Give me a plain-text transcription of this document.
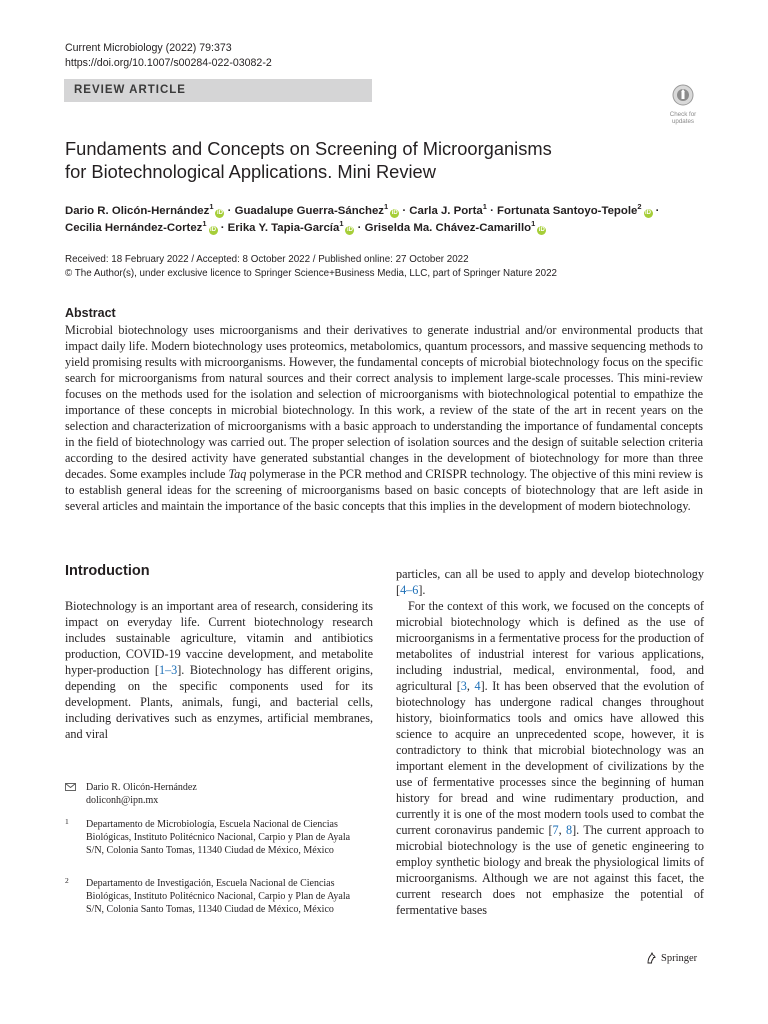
Current Microbiology (2022) 79:373
https://doi.org/10.1007/s00284-022-03082-2
REVIEW ARTICLE
Check for
updates
Fundaments and Concepts on Screening of Microorganisms
for Biotechnological Applications. Mini Review
Dario R. Olicón-Hernández$^1$iD · Guadalupe Guerra-Sánchez$^1$iD · Carla J. Porta$^1$ · Fortunata Santoyo-Tepole$^2$iD ·
Cecilia Hernández-Cortez$^1$iD · Erika Y. Tapia-García$^1$iD · Griselda Ma. Chávez-Camarillo$^1$iD
Received: 18 February 2022 / Accepted: 8 October 2022 / Published online: 27 October 2022
© The Author(s), under exclusive licence to Springer Science+Business Media, LLC, part of Springer Nature 2022
Abstract

Microbial biotechnology uses microorganisms and their derivatives to generate industrial and/or environmental products that impact daily life. Modern biotechnology uses proteomics, metabolomics, quantum processors, and massive sequencing methods to yield promising results with microorganisms. However, the fundamental concepts of microbial biotechnology focus on the specific search for microorganisms from natural sources and their correct analysis to implement large-scale processes. This mini-review focuses on the methods used for the isolation and selection of microorganisms with biotechnological potential to empathize the importance of these concepts in microbial biotechnology. In this work, a review of the state of the art in recent years on the selection and characterization of microorganisms with a basic approach to understanding the importance of fundamental concepts in the field of biotechnology was carried out. The proper selection of isolation sources and the design of suitable selection criteria according to the desired activity have generated substantial changes in the development of biotechnology for more than three decades. Some examples include Taq polymerase in the PCR method and CRISPR technology. The objective of this mini review is to establish general ideas for the screening of microorganisms based on basic concepts of biotechnology that are left aside in several articles and maintain the importance of the basic concepts that this implies in the development of modern biotechnology.

Introduction

Biotechnology is an important area of research, considering its impact on everyday life. Current biotechnology research includes sustainable agriculture, vitamin and antibiotics production, COVID-19 vaccine development, and metabolite hyper-production [1–3]. Biotechnology has different origins, depending on the specific components used for its development. Plants, animals, fungi, and bacterial cells, including derivatives such as enzymes, artificial membranes, and viral

particles, can all be used to apply and develop biotechnology [4–6].

For the context of this work, we focused on the concepts of microbial biotechnology which is defined as the use of microorganisms in a fermentative process for the production of metabolites of industrial interest for various applications, including industrial, medical, environmental, food, and agricultural [3, 4]. It has been observed that the evolution of biotechnology has undergone radical changes throughout history, bioinformatics tools and omics have allowed this science to acquire an unprecedented scope, however, it is contradictory to think that microbial biotechnology was an important element in the development of civilizations by the use of fermentative processes since the beginning of human history for bread and wine rudimentary production, and currently it is one of the most modern tools used to combat the current coronavirus pandemic [7, 8]. The current approach to microbial biotechnology is the use of genetic engineering to employ synthetic biology and break the physiological limits of microorganisms. Although we are not against this facet, the current research does not emphasize the potential of fermentative bases

Dario R. Olicón-Hernández
doliconh@ipn.mx
1 Departamento de Microbiología, Escuela Nacional de Ciencias Biológicas, Instituto Politécnico Nacional, Carpio y Plan de Ayala S/N, Colonia Santo Tomas, 11340 Ciudad de México, México
2 Departamento de Investigación, Escuela Nacional de Ciencias Biológicas, Instituto Politécnico Nacional, Carpio y Plan de Ayala S/N, Colonia Santo Tomas, 11340 Ciudad de México, México
Springer
